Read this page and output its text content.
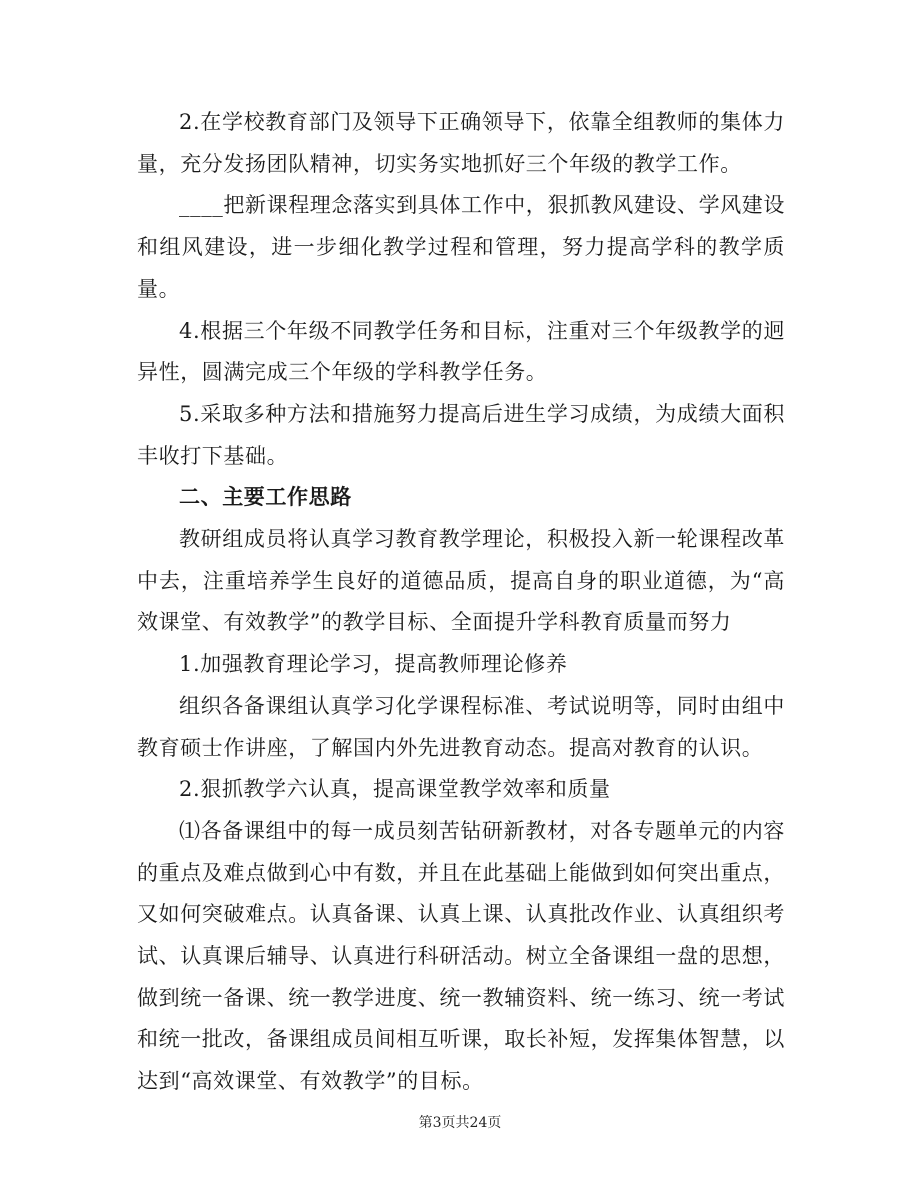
2.在学校教育部门及领导下正确领导下，依靠全组教师的集体力量，充分发扬团队精神，切实务实地抓好三个年级的教学工作。

____把新课程理念落实到具体工作中，狠抓教风建设、学风建设和组风建设，进一步细化教学过程和管理，努力提高学科的教学质量。

4.根据三个年级不同教学任务和目标，注重对三个年级教学的迥异性，圆满完成三个年级的学科教学任务。

5.采取多种方法和措施努力提高后进生学习成绩，为成绩大面积丰收打下基础。

二、主要工作思路

教研组成员将认真学习教育教学理论，积极投入新一轮课程改革中去，注重培养学生良好的道德品质，提高自身的职业道德，为“高效课堂、有效教学”的教学目标、全面提升学科教育质量而努力

1.加强教育理论学习，提高教师理论修养

组织各备课组认真学习化学课程标准、考试说明等，同时由组中教育硕士作讲座，了解国内外先进教育动态。提高对教育的认识。

2.狠抓教学六认真，提高课堂教学效率和质量

⑴各备课组中的每一成员刻苦钻研新教材，对各专题单元的内容的重点及难点做到心中有数，并且在此基础上能做到如何突出重点，又如何突破难点。认真备课、认真上课、认真批改作业、认真组织考试、认真课后辅导、认真进行科研活动。树立全备课组一盘的思想，做到统一备课、统一教学进度、统一教辅资料、统一练习、统一考试和统一批改，备课组成员间相互听课，取长补短，发挥集体智慧，以达到“高效课堂、有效教学”的目标。

第3页共24页
